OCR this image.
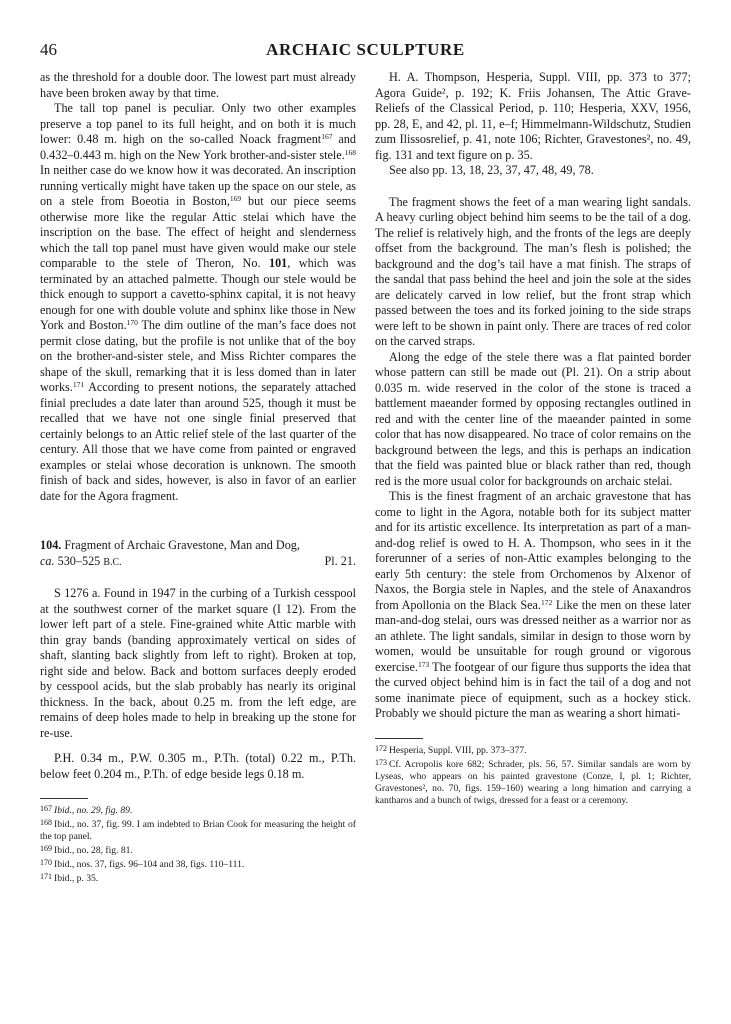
46	ARCHAIC SCULPTURE

as the threshold for a double door. The lowest part must already have been broken away by that time.

The tall top panel is peculiar. Only two other examples preserve a top panel to its full height, and on both it is much lower: 0.48 m. high on the so-called Noack fragment$^{167}$ and 0.432–0.443 m. high on the New York brother-and-sister stele.$^{168}$ In neither case do we know how it was decorated. An inscription running vertically might have taken up the space on our stele, as on a stele from Boeotia in Boston,$^{169}$ but our piece seems otherwise more like the regular Attic stelai which have the inscription on the base. The effect of height and slenderness which the tall top panel must have given would make our stele comparable to the stele of Theron, No. 101, which was terminated by an attached palmette. Though our stele would be thick enough to support a cavetto-sphinx capital, it is not heavy enough for one with double volute and sphinx like those in New York and Boston.$^{170}$ The dim outline of the man’s face does not permit close dating, but the profile is not unlike that of the boy on the brother-and-sister stele, and Miss Richter compares the shape of the skull, remarking that it is less domed than in later works.$^{171}$ According to present notions, the separately attached finial precludes a date later than around 525, though it must be recalled that we have not one single finial preserved that certainly belongs to an Attic relief stele of the last quarter of the century. All those that we have come from painted or engraved examples or stelai whose decoration is unknown. The smooth finish of back and sides, however, is also in favor of an earlier date for the Agora fragment.

104. Fragment of Archaic Gravestone, Man and Dog,
ca. 530–525 B.C.	Pl. 21.

S 1276 a. Found in 1947 in the curbing of a Turkish cesspool at the southwest corner of the market square (I 12). From the lower left part of a stele. Fine-grained white Attic marble with thin gray bands (banding approximately vertical on sides of shaft, slanting back slightly from left to right). Broken at top, right side and below. Back and bottom surfaces deeply eroded by cesspool acids, but the slab probably has nearly its original thickness. In the back, about 0.25 m. from the left edge, are remains of deep holes made to help in breaking up the stone for re-use.

P.H. 0.34 m., P.W. 0.305 m., P.Th. (total) 0.22 m., P.Th. below feet 0.204 m., P.Th. of edge beside legs 0.18 m.

$^{167}$ Ibid., no. 29, fig. 89.

$^{168}$ Ibid., no. 37, fig. 99. I am indebted to Brian Cook for measuring the height of the top panel.

$^{169}$ Ibid., no. 28, fig. 81.

$^{170}$ Ibid., nos. 37, figs. 96–104 and 38, figs. 110–111.

$^{171}$ Ibid., p. 35.

H. A. Thompson, Hesperia, Suppl. VIII, pp. 373 to 377; Agora Guide², p. 192; K. Friis Johansen, The Attic Grave-Reliefs of the Classical Period, p. 110; Hesperia, XXV, 1956, pp. 28, E, and 42, pl. 11, e–f; Himmelmann-Wildschutz, Studien zum Ilissosrelief, p. 41, note 106; Richter, Gravestones², no. 49, fig. 131 and text figure on p. 35.

See also pp. 13, 18, 23, 37, 47, 48, 49, 78.

The fragment shows the feet of a man wearing light sandals. A heavy curling object behind him seems to be the tail of a dog. The relief is relatively high, and the fronts of the legs are deeply offset from the background. The man’s flesh is polished; the background and the dog’s tail have a mat finish. The straps of the sandal that pass behind the heel and join the sole at the sides are delicately carved in low relief, but the front strap which passed between the toes and its forked joining to the side straps were left to be shown in paint only. There are traces of red color on the carved straps.

Along the edge of the stele there was a flat painted border whose pattern can still be made out (Pl. 21). On a strip about 0.035 m. wide reserved in the color of the stone is traced a battlement maeander formed by opposing rectangles outlined in red and with the center line of the maeander painted in some color that has now disappeared. No trace of color remains on the background between the legs, and this is perhaps an indication that the field was painted blue or black rather than red, though red is the more usual color for backgrounds on archaic stelai.

This is the finest fragment of an archaic gravestone that has come to light in the Agora, notable both for its subject matter and for its artistic excellence. Its interpretation as part of a man-and-dog relief is owed to H. A. Thompson, who sees in it the forerunner of a series of non-Attic examples belonging to the early 5th century: the stele from Orchomenos by Alxenor of Naxos, the Borgia stele in Naples, and the stele of Anaxandros from Apollonia on the Black Sea.$^{172}$ Like the men on these later man-and-dog stelai, ours was dressed neither as a warrior nor as an athlete. The light sandals, similar in design to those worn by women, would be unsuitable for rough ground or vigorous exercise.$^{173}$ The footgear of our figure thus supports the idea that the curved object behind him is in fact the tail of a dog and not some inanimate piece of equipment, such as a hockey stick. Probably we should picture the man as wearing a short himati-

$^{172}$ Hesperia, Suppl. VIII, pp. 373–377.

$^{173}$ Cf. Acropolis kore 682; Schrader, pls. 56, 57. Similar sandals are worn by Lyseas, who appears on his painted gravestone (Conze, I, pl. 1; Richter, Gravestones², no. 70, figs. 159–160) wearing a long himation and carrying a kantharos and a bunch of twigs, dressed for a feast or a ceremony.
